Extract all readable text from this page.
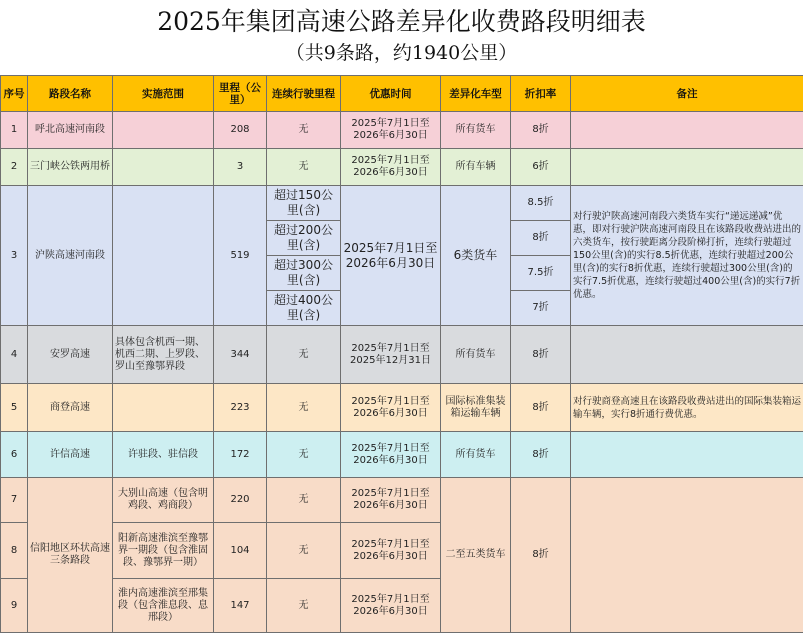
2025年集团高速公路差异化收费路段明细表
（共9条路，约1940公里）
序号	路段名称	实施范围	里程（公里）	连续行驶里程	优惠时间	差异化车型	折扣率	备注
1	呼北高速河南段		208	无	2025年7月1日至2026年6月30日	所有货车	8折	
2	三门峡公铁两用桥		3	无	2025年7月1日至2026年6月30日	所有车辆	6折	
3	沪陕高速河南段		519	超过150公里(含)	2025年7月1日至2026年6月30日	6类货车	8.5折	对行驶沪陕高速河南段六类货车实行“递远递减”优惠，即对行驶沪陕高速河南段且在该路段收费站进出的六类货车，按行驶距离分段阶梯打折，连续行驶超过150公里(含)的实行8.5折优惠，连续行驶超过200公里(含)的实行8折优惠，连续行驶超过300公里(含)的实行7.5折优惠，连续行驶超过400公里(含)的实行7折优惠。
				超过200公里(含)			8折	
				超过300公里(含)			7.5折	
				超过400公里(含)			7折	
4	安罗高速	具体包含机西一期、机西二期、上罗段、罗山至豫鄂界段	344	无	2025年7月1日至2025年12月31日	所有货车	8折	
5	商登高速		223	无	2025年7月1日至2026年6月30日	国际标准集装箱运输车辆	8折	对行驶商登高速且在该路段收费站进出的国际集装箱运输车辆，实行8折通行费优惠。
6	许信高速	许驻段、驻信段	172	无	2025年7月1日至2026年6月30日	所有货车	8折	
7	信阳地区环状高速三条路段	大别山高速（包含明鸡段、鸡商段）	220	无	2025年7月1日至2026年6月30日	二至五类货车	8折	
8		阳新高速淮滨至豫鄂界一期段（包含淮固段、豫鄂界一期）	104	无	2025年7月1日至2026年6月30日			
9		淮内高速淮滨至邢集段（包含淮息段、息邢段）	147	无	2025年7月1日至2026年6月30日			
